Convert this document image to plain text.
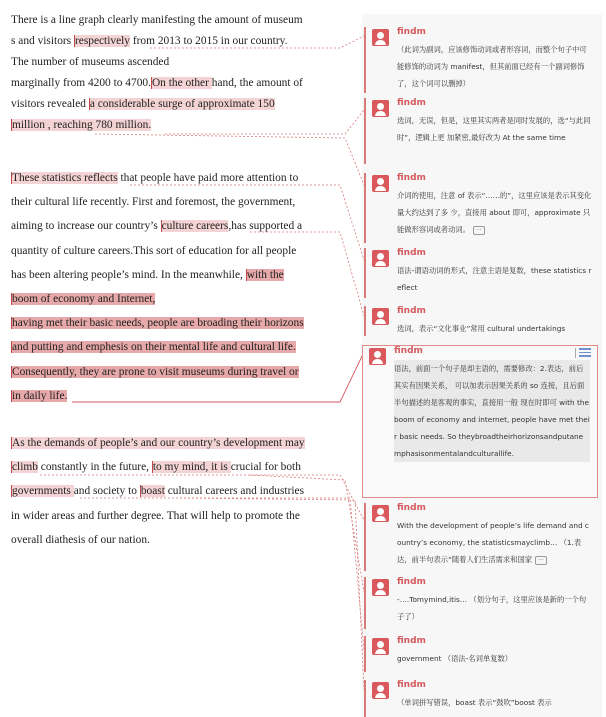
There is a line graph clearly manifesting the amount of museum
s and visitors respectively from 2013 to 2015 in our country.
The number of museums ascended
marginally from 4200 to 4700.On the other hand, the amount of
visitors revealed a considerable surge of approximate 150
million , reaching 780 million.
These statistics reflects that people have paid more attention to
their cultural life recently. First and foremost, the government,
aiming to increase our country’s culture careers,has supported a
quantity of culture careers.This sort of education for all people
has been altering people’s mind. In the meanwhile, with the
boom of economy and Internet,
having met their basic needs, people are broading their horizons
and putting and emphesis on their mental life and cultural life.
Consequently, they are prone to visit museums during travel or
in daily life.
As the demands of people’s and our country’s development may
climb constantly in the future, to my mind, it is crucial for both
governments and society to boast cultural careers and industries
in wider areas and further degree. That will help to promote the
overall diathesis of our nation.
findm
（此词为副词，应该修饰动词或者形容词，而整个句子中可能修饰的动词为 manifest，但其前面已经有一个副词修饰了，这个词可以删掉）
findm
选词，无误，但是，这里其实两者是同时发展的，选“与此同时”，逻辑上更 加紧密,最好改为 At the same time
findm
介词的使用，注意 of 表示“……的”，这里应该是表示其变化量大约达到了多 少，直接用 about 即可，approximate 只能做形容词或者动词。 ···
findm
语法-谓语动词的形式，注意主语是复数，these statistics reflect
findm
选词，表示“文化事业”常用 cultural undertakings
findm
语法，前面一个句子是却主语的，需要修改：2.表达，前后其实有因果关系， 可以加表示因果关系的 so 连接，且后面半句描述的是客观的事实，直接用一般 现在时即可 with the boom of economy and internet, people have met their basic needs. So theybroadtheirhorizonsandputanemphasisonmentalandculturallife.
findm
With the development of people’s life demand and country’s economy, the statisticsmayclimb… （1.表达，前半句表示“随着人们生活需求和国家 ···
findm
-….Tomymind,itis… （划分句子，这里应该是新的一个句子了）
findm
government （语法-名词单复数）
findm
（单词拼写错误，boast 表示“鼓吹”boost 表示
